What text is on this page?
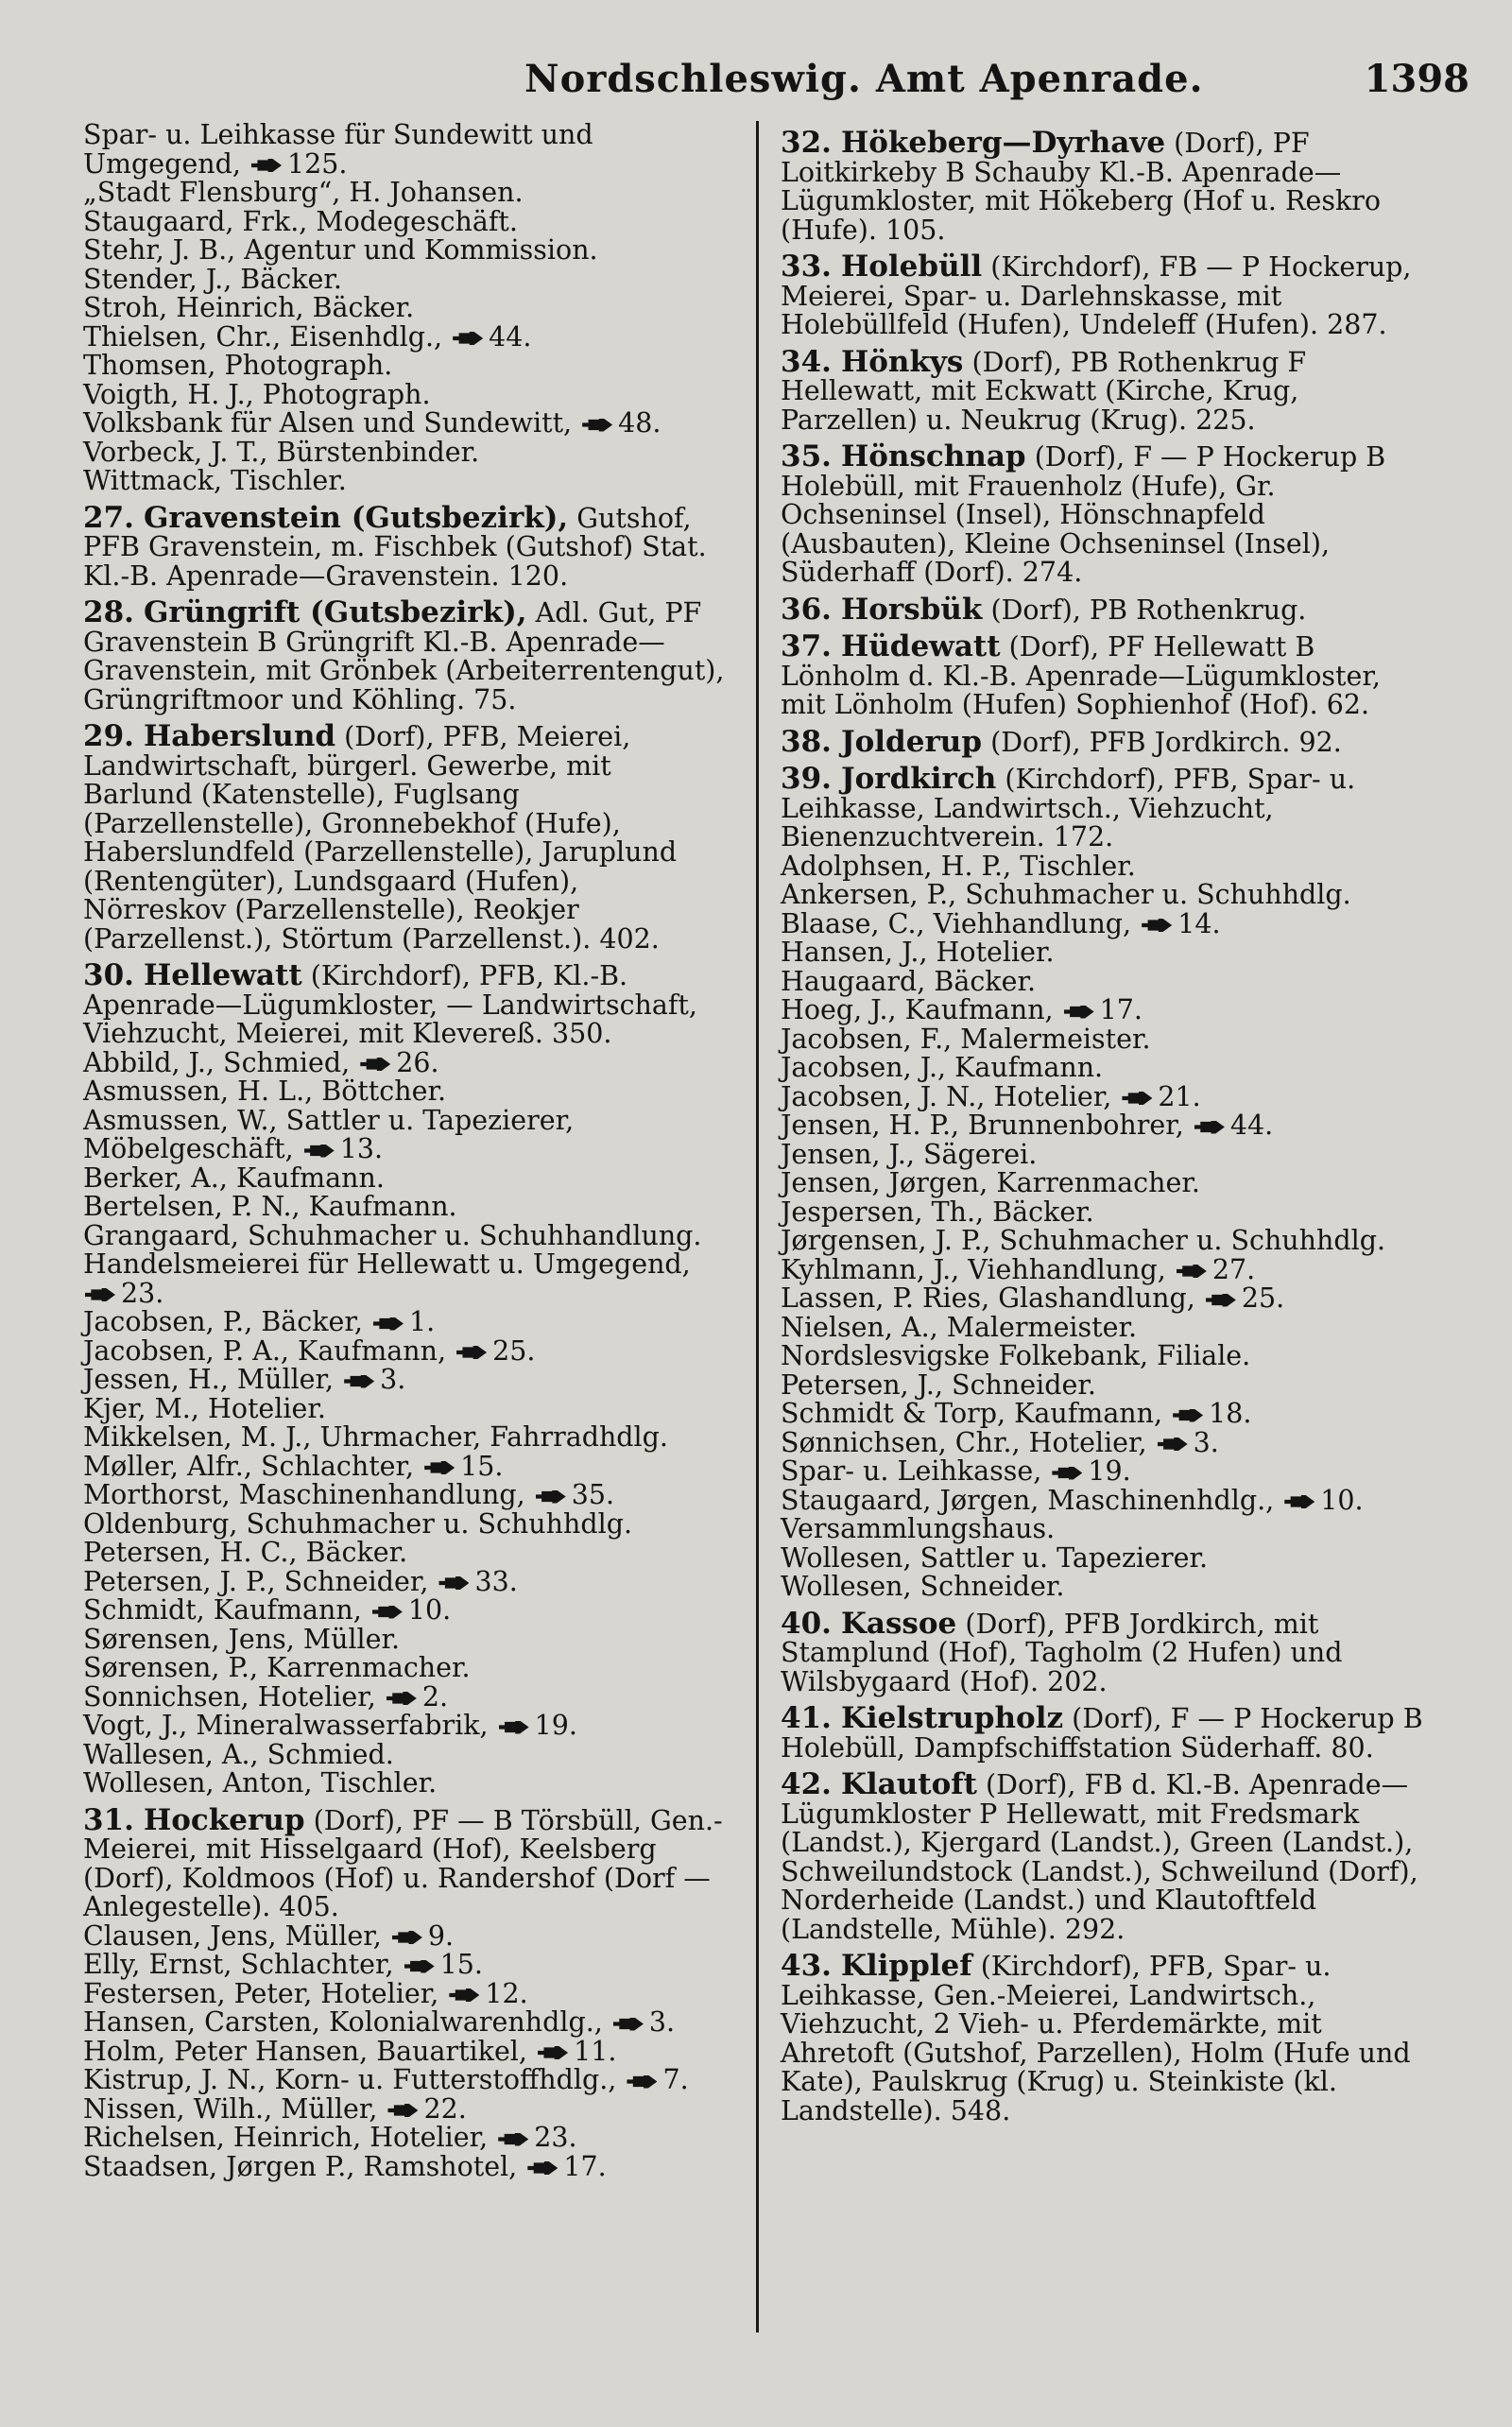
Nordschleswig. Amt Apenrade.	1398

Spar- u. Leihkasse für Sundewitt und Umgegend, 125.

„Stadt Flensburg“, H. Johansen.

Staugaard, Frk., Modegeschäft.

Stehr, J. B., Agentur und Kommission.

Stender, J., Bäcker.

Stroh, Heinrich, Bäcker.

Thielsen, Chr., Eisenhdlg., 44.

Thomsen, Photograph.

Voigth, H. J., Photograph.

Volksbank für Alsen und Sundewitt, 48.

Vorbeck, J. T., Bürstenbinder.

Wittmack, Tischler.

27. Gravenstein (Gutsbezirk), Gutshof, PFB Gravenstein, m. Fischbek (Gutshof) Stat. Kl.-B. Apenrade—Gravenstein. 120.

28. Grüngrift (Gutsbezirk), Adl. Gut, PF Gravenstein B Grüngrift Kl.-B. Apenrade—Gravenstein, mit Grönbek (Arbeiterrentengut), Grüngriftmoor und Köhling. 75.

29. Haberslund (Dorf), PFB, Meierei, Landwirtschaft, bürgerl. Gewerbe, mit Barlund (Katenstelle), Fuglsang (Parzellenstelle), Gronnebekhof (Hufe), Haberslundfeld (Parzellenstelle), Jaruplund (Rentengüter), Lundsgaard (Hufen), Nörreskov (Parzellenstelle), Reokjer (Parzellenst.), Störtum (Parzellenst.). 402.

30. Hellewatt (Kirchdorf), PFB, Kl.-B. Apenrade—Lügumkloster, — Landwirtschaft, Viehzucht, Meierei, mit Klevereß. 350.

Abbild, J., Schmied, 26.

Asmussen, H. L., Böttcher.

Asmussen, W., Sattler u. Tapezierer, Möbelgeschäft, 13.

Berker, A., Kaufmann.

Bertelsen, P. N., Kaufmann.

Grangaard, Schuhmacher u. Schuhhandlung.

Handelsmeierei für Hellewatt u. Umgegend, 23.

Jacobsen, P., Bäcker, 1.

Jacobsen, P. A., Kaufmann, 25.

Jessen, H., Müller, 3.

Kjer, M., Hotelier.

Mikkelsen, M. J., Uhrmacher, Fahrradhdlg.

Møller, Alfr., Schlachter, 15.

Morthorst, Maschinenhandlung, 35.

Oldenburg, Schuhmacher u. Schuhhdlg.

Petersen, H. C., Bäcker.

Petersen, J. P., Schneider, 33.

Schmidt, Kaufmann, 10.

Sørensen, Jens, Müller.

Sørensen, P., Karrenmacher.

Sonnichsen, Hotelier, 2.

Vogt, J., Mineralwasserfabrik, 19.

Wallesen, A., Schmied.

Wollesen, Anton, Tischler.

31. Hockerup (Dorf), PF — B Törsbüll, Gen.-Meierei, mit Hisselgaard (Hof), Keelsberg (Dorf), Koldmoos (Hof) u. Randershof (Dorf — Anlegestelle). 405.

Clausen, Jens, Müller, 9.

Elly, Ernst, Schlachter, 15.

Festersen, Peter, Hotelier, 12.

Hansen, Carsten, Kolonialwarenhdlg., 3.

Holm, Peter Hansen, Bauartikel, 11.

Kistrup, J. N., Korn- u. Futterstoffhdlg., 7.

Nissen, Wilh., Müller, 22.

Richelsen, Heinrich, Hotelier, 23.

Staadsen, Jørgen P., Ramshotel, 17.

32. Hökeberg—Dyrhave (Dorf), PF Loitkirkeby B Schauby Kl.-B. Apenrade—Lügumkloster, mit Hökeberg (Hof u. Reskro (Hufe). 105.

33. Holebüll (Kirchdorf), FB — P Hockerup, Meierei, Spar- u. Darlehnskasse, mit Holebüllfeld (Hufen), Undeleff (Hufen). 287.

34. Hönkys (Dorf), PB Rothenkrug F Hellewatt, mit Eckwatt (Kirche, Krug, Parzellen) u. Neukrug (Krug). 225.

35. Hönschnap (Dorf), F — P Hockerup B Holebüll, mit Frauenholz (Hufe), Gr. Ochseninsel (Insel), Hönschnapfeld (Ausbauten), Kleine Ochseninsel (Insel), Süderhaff (Dorf). 274.

36. Horsbük (Dorf), PB Rothenkrug.

37. Hüdewatt (Dorf), PF Hellewatt B Lönholm d. Kl.-B. Apenrade—Lügumkloster, mit Lönholm (Hufen) Sophienhof (Hof). 62.

38. Jolderup (Dorf), PFB Jordkirch. 92.

39. Jordkirch (Kirchdorf), PFB, Spar- u. Leihkasse, Landwirtsch., Viehzucht, Bienenzuchtverein. 172.

Adolphsen, H. P., Tischler.

Ankersen, P., Schuhmacher u. Schuhhdlg.

Blaase, C., Viehhandlung, 14.

Hansen, J., Hotelier.

Haugaard, Bäcker.

Hoeg, J., Kaufmann, 17.

Jacobsen, F., Malermeister.

Jacobsen, J., Kaufmann.

Jacobsen, J. N., Hotelier, 21.

Jensen, H. P., Brunnenbohrer, 44.

Jensen, J., Sägerei.

Jensen, Jørgen, Karrenmacher.

Jespersen, Th., Bäcker.

Jørgensen, J. P., Schuhmacher u. Schuhhdlg.

Kyhlmann, J., Viehhandlung, 27.

Lassen, P. Ries, Glashandlung, 25.

Nielsen, A., Malermeister.

Nordslesvigske Folkebank, Filiale.

Petersen, J., Schneider.

Schmidt & Torp, Kaufmann, 18.

Sønnichsen, Chr., Hotelier, 3.

Spar- u. Leihkasse, 19.

Staugaard, Jørgen, Maschinenhdlg., 10.

Versammlungshaus.

Wollesen, Sattler u. Tapezierer.

Wollesen, Schneider.

40. Kassoe (Dorf), PFB Jordkirch, mit Stamplund (Hof), Tagholm (2 Hufen) und Wilsbygaard (Hof). 202.

41. Kielstrupholz (Dorf), F — P Hockerup B Holebüll, Dampfschiffstation Süderhaff. 80.

42. Klautoft (Dorf), FB d. Kl.-B. Apenrade—Lügumkloster P Hellewatt, mit Fredsmark (Landst.), Kjergard (Landst.), Green (Landst.), Schweilundstock (Landst.), Schweilund (Dorf), Norderheide (Landst.) und Klautoftfeld (Landstelle, Mühle). 292.

43. Klipplef (Kirchdorf), PFB, Spar- u. Leihkasse, Gen.-Meierei, Landwirtsch., Viehzucht, 2 Vieh- u. Pferdemärkte, mit Ahretoft (Gutshof, Parzellen), Holm (Hufe und Kate), Paulskrug (Krug) u. Steinkiste (kl. Landstelle). 548.
